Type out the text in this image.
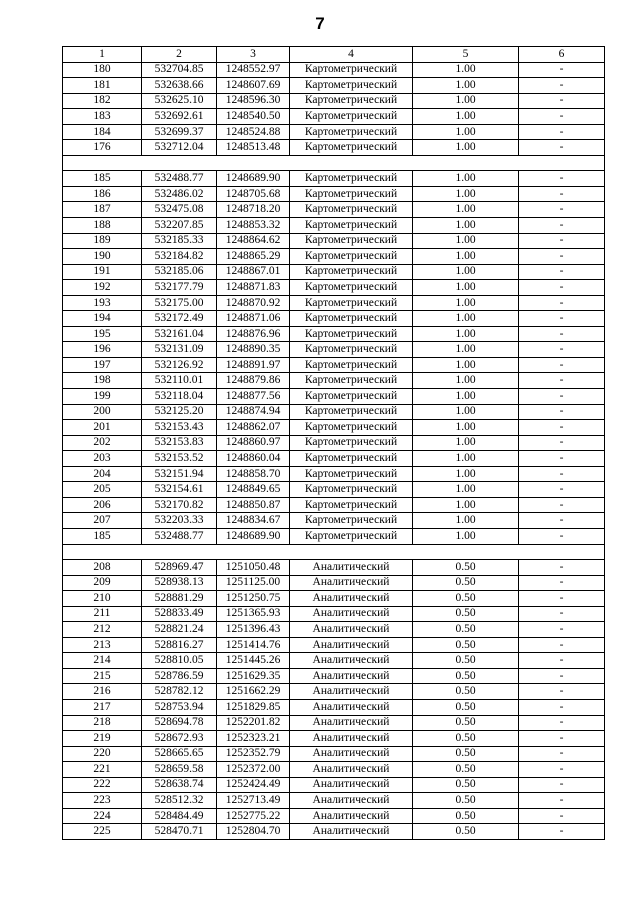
7
1	2	3	4	5	6
180	532704.85	1248552.97	Картометрический	1.00	-
181	532638.66	1248607.69	Картометрический	1.00	-
182	532625.10	1248596.30	Картометрический	1.00	-
183	532692.61	1248540.50	Картометрический	1.00	-
184	532699.37	1248524.88	Картометрический	1.00	-
176	532712.04	1248513.48	Картометрический	1.00	-

185	532488.77	1248689.90	Картометрический	1.00	-
186	532486.02	1248705.68	Картометрический	1.00	-
187	532475.08	1248718.20	Картометрический	1.00	-
188	532207.85	1248853.32	Картометрический	1.00	-
189	532185.33	1248864.62	Картометрический	1.00	-
190	532184.82	1248865.29	Картометрический	1.00	-
191	532185.06	1248867.01	Картометрический	1.00	-
192	532177.79	1248871.83	Картометрический	1.00	-
193	532175.00	1248870.92	Картометрический	1.00	-
194	532172.49	1248871.06	Картометрический	1.00	-
195	532161.04	1248876.96	Картометрический	1.00	-
196	532131.09	1248890.35	Картометрический	1.00	-
197	532126.92	1248891.97	Картометрический	1.00	-
198	532110.01	1248879.86	Картометрический	1.00	-
199	532118.04	1248877.56	Картометрический	1.00	-
200	532125.20	1248874.94	Картометрический	1.00	-
201	532153.43	1248862.07	Картометрический	1.00	-
202	532153.83	1248860.97	Картометрический	1.00	-
203	532153.52	1248860.04	Картометрический	1.00	-
204	532151.94	1248858.70	Картометрический	1.00	-
205	532154.61	1248849.65	Картометрический	1.00	-
206	532170.82	1248850.87	Картометрический	1.00	-
207	532203.33	1248834.67	Картометрический	1.00	-
185	532488.77	1248689.90	Картометрический	1.00	-

208	528969.47	1251050.48	Аналитический	0.50	-
209	528938.13	1251125.00	Аналитический	0.50	-
210	528881.29	1251250.75	Аналитический	0.50	-
211	528833.49	1251365.93	Аналитический	0.50	-
212	528821.24	1251396.43	Аналитический	0.50	-
213	528816.27	1251414.76	Аналитический	0.50	-
214	528810.05	1251445.26	Аналитический	0.50	-
215	528786.59	1251629.35	Аналитический	0.50	-
216	528782.12	1251662.29	Аналитический	0.50	-
217	528753.94	1251829.85	Аналитический	0.50	-
218	528694.78	1252201.82	Аналитический	0.50	-
219	528672.93	1252323.21	Аналитический	0.50	-
220	528665.65	1252352.79	Аналитический	0.50	-
221	528659.58	1252372.00	Аналитический	0.50	-
222	528638.74	1252424.49	Аналитический	0.50	-
223	528512.32	1252713.49	Аналитический	0.50	-
224	528484.49	1252775.22	Аналитический	0.50	-
225	528470.71	1252804.70	Аналитический	0.50	-
